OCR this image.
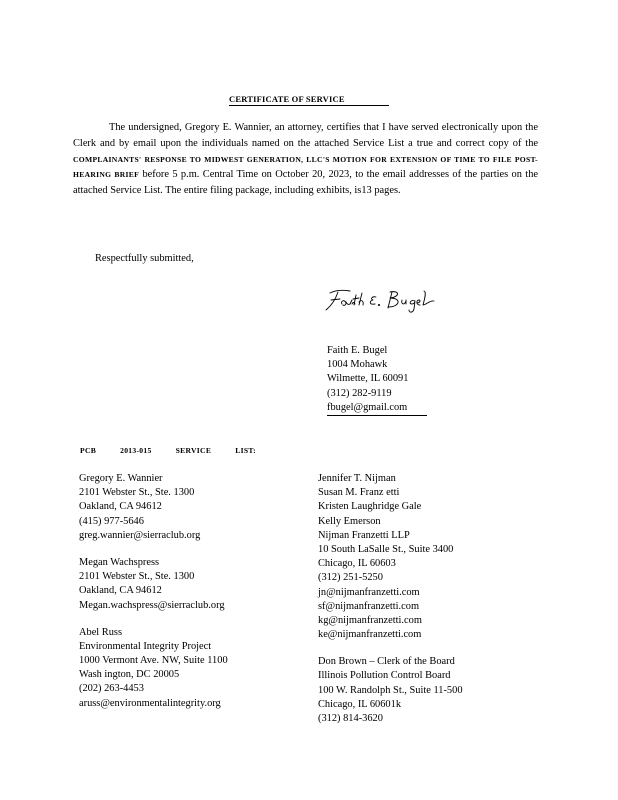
CERTIFICATE OF SERVICE
The undersigned, Gregory E. Wannier, an attorney, certifies that I have served electronically upon the Clerk and by email upon the individuals named on the attached Service List a true and correct copy of the COMPLAINANTS' RESPONSE TO MIDWEST GENERATION, LLC'S MOTION FOR EXTENSION OF TIME TO FILE POST-HEARING BRIEF before 5 p.m. Central Time on October 20, 2023, to the email addresses of the parties on the attached Service List. The entire filing package, including exhibits, is13 pages.
Respectfully submitted,
Faith E. Bugel
1004 Mohawk
Wilmette, IL 60091
(312) 282-9119
fbugel@gmail.com
PCB	2013-015	SERVICE	LIST:
Gregory E. Wannier
2101 Webster St., Ste. 1300
Oakland, CA 94612
(415) 977-5646
greg.wannier@sierraclub.org
Megan Wachspress
2101 Webster St., Ste. 1300
Oakland, CA 94612
Megan.wachspress@sierraclub.org
Abel Russ
Environmental Integrity Project
1000 Vermont Ave. NW, Suite 1100
Wash ington, DC 20005
(202) 263-4453
aruss@environmentalintegrity.org
Jennifer T. Nijman
Susan M. Franz etti
Kristen Laughridge Gale
Kelly Emerson
Nijman Franzetti LLP
10 South LaSalle St., Suite 3400
Chicago, IL 60603
(312) 251-5250
jn@nijmanfranzetti.com
sf@nijmanfranzetti.com
kg@nijmanfranzetti.com
ke@nijmanfranzetti.com
Don Brown – Clerk of the Board
Illinois Pollution Control Board
100 W. Randolph St., Suite 11-500
Chicago, IL 60601k
(312) 814-3620
